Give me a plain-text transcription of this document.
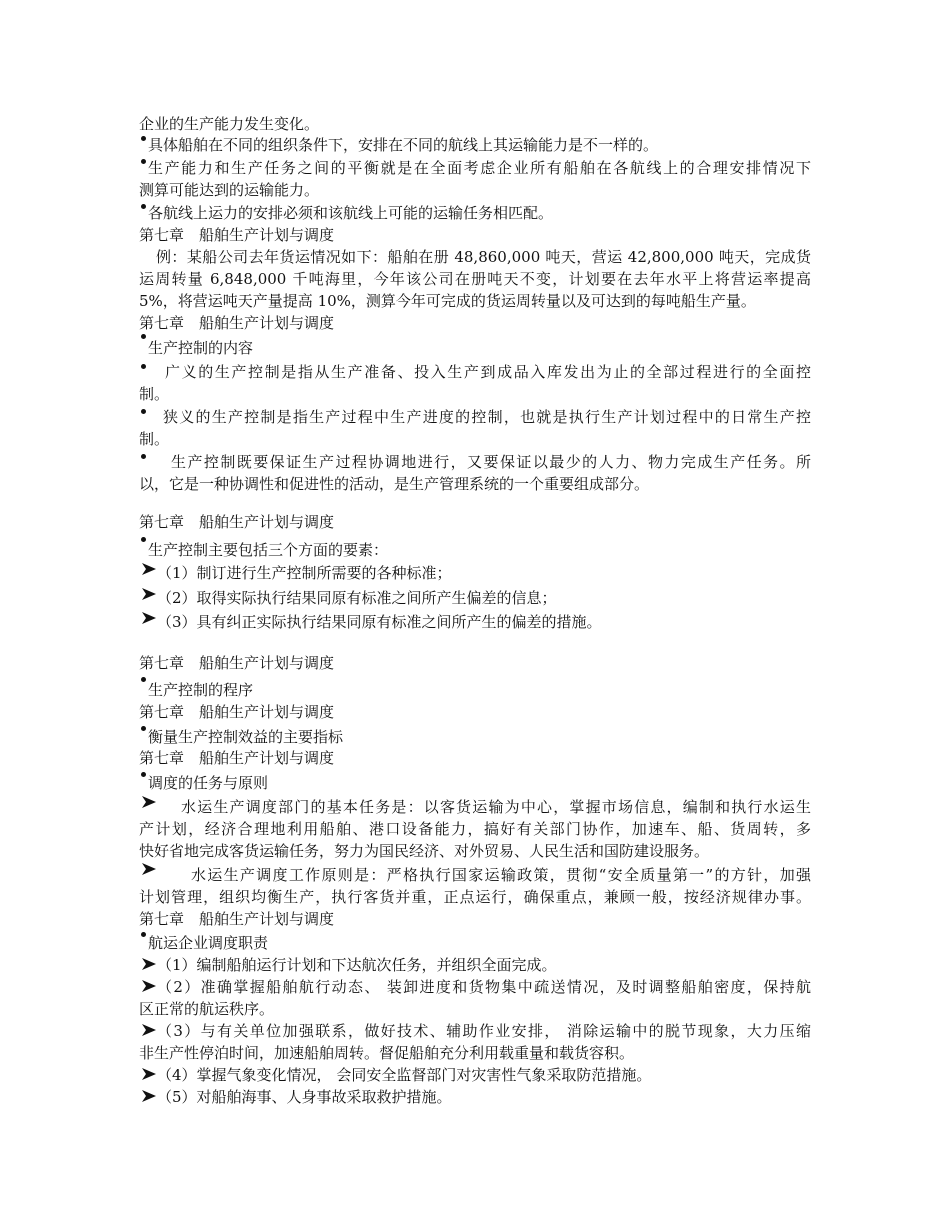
企业的生产能力发生变化。
具体船舶在不同的组织条件下，安排在不同的航线上其运输能力是不一样的。
生产能力和生产任务之间的平衡就是在全面考虑企业所有船舶在各航线上的合理安排情况下
测算可能达到的运输能力。
各航线上运力的安排必须和该航线上可能的运输任务相匹配。
第七章　船舶生产计划与调度
例：某船公司去年货运情况如下：船舶在册 48,860,000 吨天，营运 42,800,000 吨天，完成货
运周转量 6,848,000 千吨海里，今年该公司在册吨天不变，计划要在去年水平上将营运率提高
5%，将营运吨天产量提高 10%，测算今年可完成的货运周转量以及可达到的每吨船生产量。
第七章　船舶生产计划与调度
生产控制的内容
广义的生产控制是指从生产准备、投入生产到成品入库发出为止的全部过程进行的全面控
制。
狭义的生产控制是指生产过程中生产进度的控制，也就是执行生产计划过程中的日常生产控
制。
生产控制既要保证生产过程协调地进行，又要保证以最少的人力、物力完成生产任务。所
以，它是一种协调性和促进性的活动，是生产管理系统的一个重要组成部分。
第七章　船舶生产计划与调度
生产控制主要包括三个方面的要素：
（1）制订进行生产控制所需要的各种标准；
（2）取得实际执行结果同原有标准之间所产生偏差的信息；
（3）具有纠正实际执行结果同原有标准之间所产生的偏差的措施。
第七章　船舶生产计划与调度
生产控制的程序
第七章　船舶生产计划与调度
衡量生产控制效益的主要指标
第七章　船舶生产计划与调度
调度的任务与原则
水运生产调度部门的基本任务是：以客货运输为中心，掌握市场信息，编制和执行水运生
产计划，经济合理地利用船舶、港口设备能力，搞好有关部门协作，加速车、船、货周转，多
快好省地完成客货运输任务，努力为国民经济、对外贸易、人民生活和国防建设服务。
水运生产调度工作原则是：严格执行国家运输政策，贯彻“安全质量第一”的方针，加强
计划管理，组织均衡生产，执行客货并重，正点运行，确保重点，兼顾一般，按经济规律办事。
第七章　船舶生产计划与调度
航运企业调度职责
（1）编制船舶运行计划和下达航次任务，并组织全面完成。
（2）准确掌握船舶航行动态、 装卸进度和货物集中疏送情况，及时调整船舶密度，保持航
区正常的航运秩序。
（3）与有关单位加强联系，做好技术、辅助作业安排， 消除运输中的脱节现象，大力压缩
非生产性停泊时间，加速船舶周转。督促船舶充分利用载重量和载货容积。
（4）掌握气象变化情况， 会同安全监督部门对灾害性气象采取防范措施。
（5）对船舶海事、人身事故采取救护措施。
